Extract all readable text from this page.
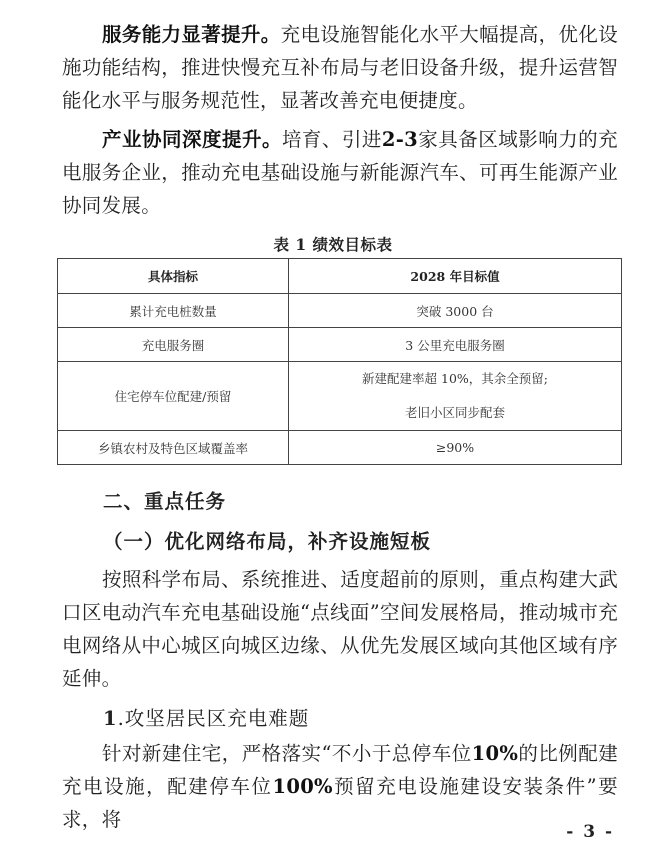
服务能力显著提升。充电设施智能化水平大幅提高，优化设施功能结构，推进快慢充互补布局与老旧设备升级，提升运营智能化水平与服务规范性，显著改善充电便捷度。

产业协同深度提升。培育、引进2-3家具备区域影响力的充电服务企业，推动充电基础设施与新能源汽车、可再生能源产业协同发展。

表 1 绩效目标表

具体指标	2028 年目标值
累计充电桩数量	突破 3000 台
充电服务圈	3 公里充电服务圈
住宅停车位配建/预留	新建配建率超 10%，其余全预留;
老旧小区同步配套

乡镇农村及特色区域覆盖率	≥90%

二、重点任务

（一）优化网络布局，补齐设施短板

按照科学布局、系统推进、适度超前的原则，重点构建大武口区电动汽车充电基础设施“点线面”空间发展格局，推动城市充电网络从中心城区向城区边缘、从优先发展区域向其他区域有序延伸。

1.攻坚居民区充电难题

针对新建住宅，严格落实“不小于总停车位10%的比例配建充电设施，配建停车位100%预留充电设施建设安装条件”要求，将

- 3 -
